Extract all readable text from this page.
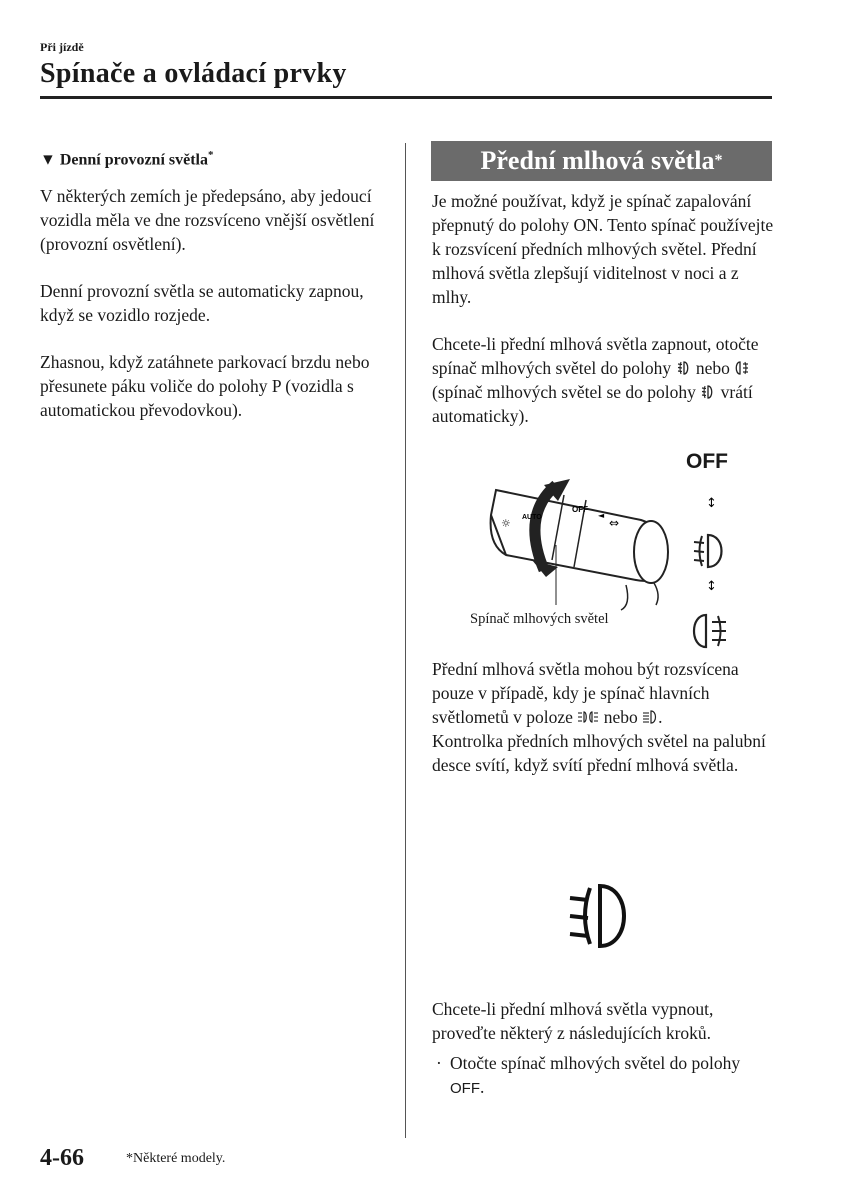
Při jízdě
Spínače a ovládací prvky
▼ Denní provozní světla*

V některých zemích je předepsáno, aby jedoucí vozidla měla ve dne rozsvíceno vnější osvětlení (provozní osvětlení).

Denní provozní světla se automaticky zapnou, když se vozidlo rozjede.

Zhasnou, když zatáhnete parkovací brzdu nebo přesunete páku voliče do polohy P (vozidla s automatickou převodovkou).

Přední mlhová světla *

Je možné používat, když je spínač zapalování přepnutý do polohy ON. Tento spínač používejte k rozsvícení předních mlhových světel. Přední mlhová světla zlepšují viditelnost v noci a z mlhy.

Chcete-li přední mlhová světla zapnout, otočte spínač mlhových světel do polohy nebo  (spínač mlhových světel se do polohy vrátí automaticky).

OFF
OFF
AUTO
☼	⇔
◄
↕
↕
Spínač mlhových světel
Přední mlhová světla mohou být rozsvícena pouze v případě, kdy je spínač hlavních světlometů v poloze nebo .
Kontrolka předních mlhových světel na palubní desce svítí, když svítí přední mlhová světla.
Chcete-li přední mlhová světla vypnout, proveďte některý z následujících kroků.
· Otočte spínač mlhových světel do polohy OFF.
4-66	*Některé modely.
